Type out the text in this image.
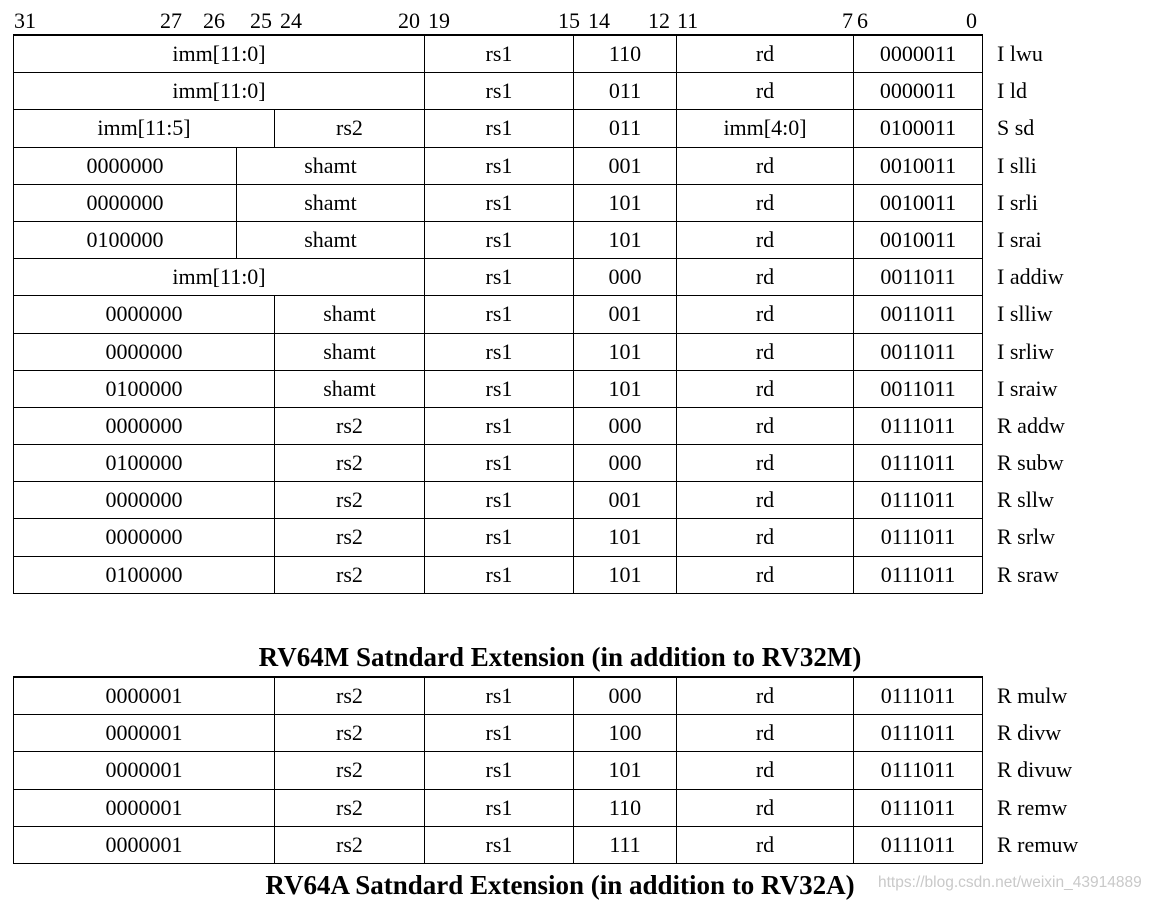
31	27 26 25 24	20 19	15 14 12 11	7 6	0
imm[11:0]	rs1	110	rd	0000011	I lwu
imm[11:0]	rs1	011	rd	0000011	I ld
imm[11:5]	rs2	rs1	011	imm[4:0]	0100011	S sd
0000000	shamt	rs1	001	rd	0010011	I slli
0000000	shamt	rs1	101	rd	0010011	I srli
0100000	shamt	rs1	101	rd	0010011	I srai
imm[11:0]	rs1	000	rd	0011011	I addiw
0000000	shamt	rs1	001	rd	0011011	I slliw
0000000	shamt	rs1	101	rd	0011011	I srliw
0100000	shamt	rs1	101	rd	0011011	I sraiw
0000000	rs2	rs1	000	rd	0111011	R addw
0100000	rs2	rs1	000	rd	0111011	R subw
0000000	rs2	rs1	001	rd	0111011	R sllw
0000000	rs2	rs1	101	rd	0111011	R srlw
0100000	rs2	rs1	101	rd	0111011	R sraw
RV64M Satndard Extension (in addition to RV32M)
0000001	rs2	rs1	000	rd	0111011	R mulw
0000001	rs2	rs1	100	rd	0111011	R divw
0000001	rs2	rs1	101	rd	0111011	R divuw
0000001	rs2	rs1	110	rd	0111011	R remw
0000001	rs2	rs1	111	rd	0111011	R remuw
RV64A Satndard Extension (in addition to RV32A)	https://blog.csdn.net/weixin_43914889
